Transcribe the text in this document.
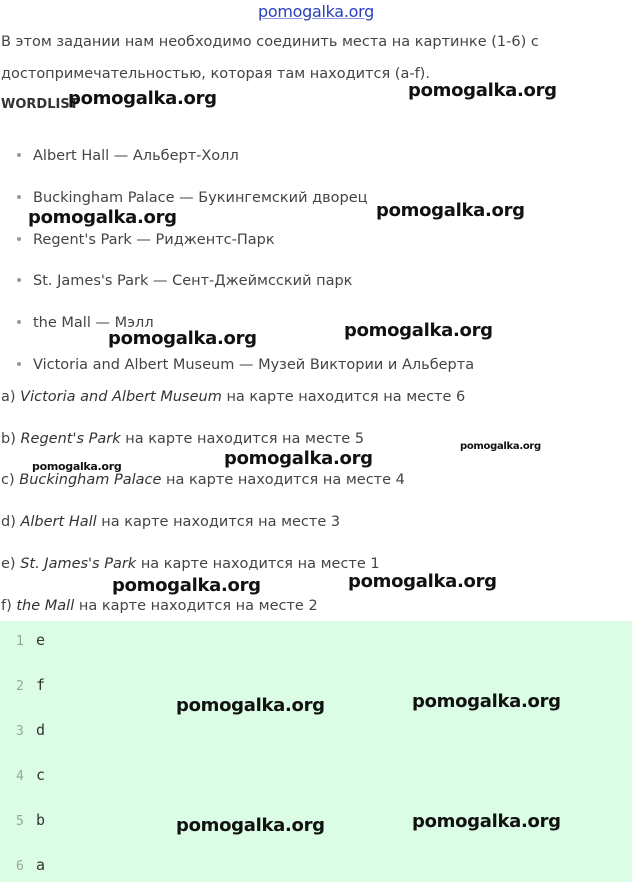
pomogalka.org
В этом задании нам необходимо соединить места на картинке (1-6) с
достопримечательностью, которая там находится (a-f).
WORDLIST
Albert Hall — Альберт-Холл
Buckingham Palace — Букингемский дворец
Regent's Park — Риджентс-Парк
St. James's Park — Сент-Джеймсский парк
the Mall — Мэлл
Victoria and Albert Museum — Музей Виктории и Альберта
a) Victoria and Albert Museum на карте находится на месте 6
b) Regent's Park на карте находится на месте 5
c) Buckingham Palace на карте находится на месте 4
d) Albert Hall на карте находится на месте 3
e) St. James's Park на карте находится на месте 1
f) the Mall на карте находится на месте 2
1 e
2 f
3 d
4 c
5 b
6 a
pomogalka.org	pomogalka.org
pomogalka.org	pomogalka.org
pomogalka.org	pomogalka.org
pomogalka.org
pomogalka.org	pomogalka.org
pomogalka.org	pomogalka.org
pomogalka.org	pomogalka.org
pomogalka.org	pomogalka.org
